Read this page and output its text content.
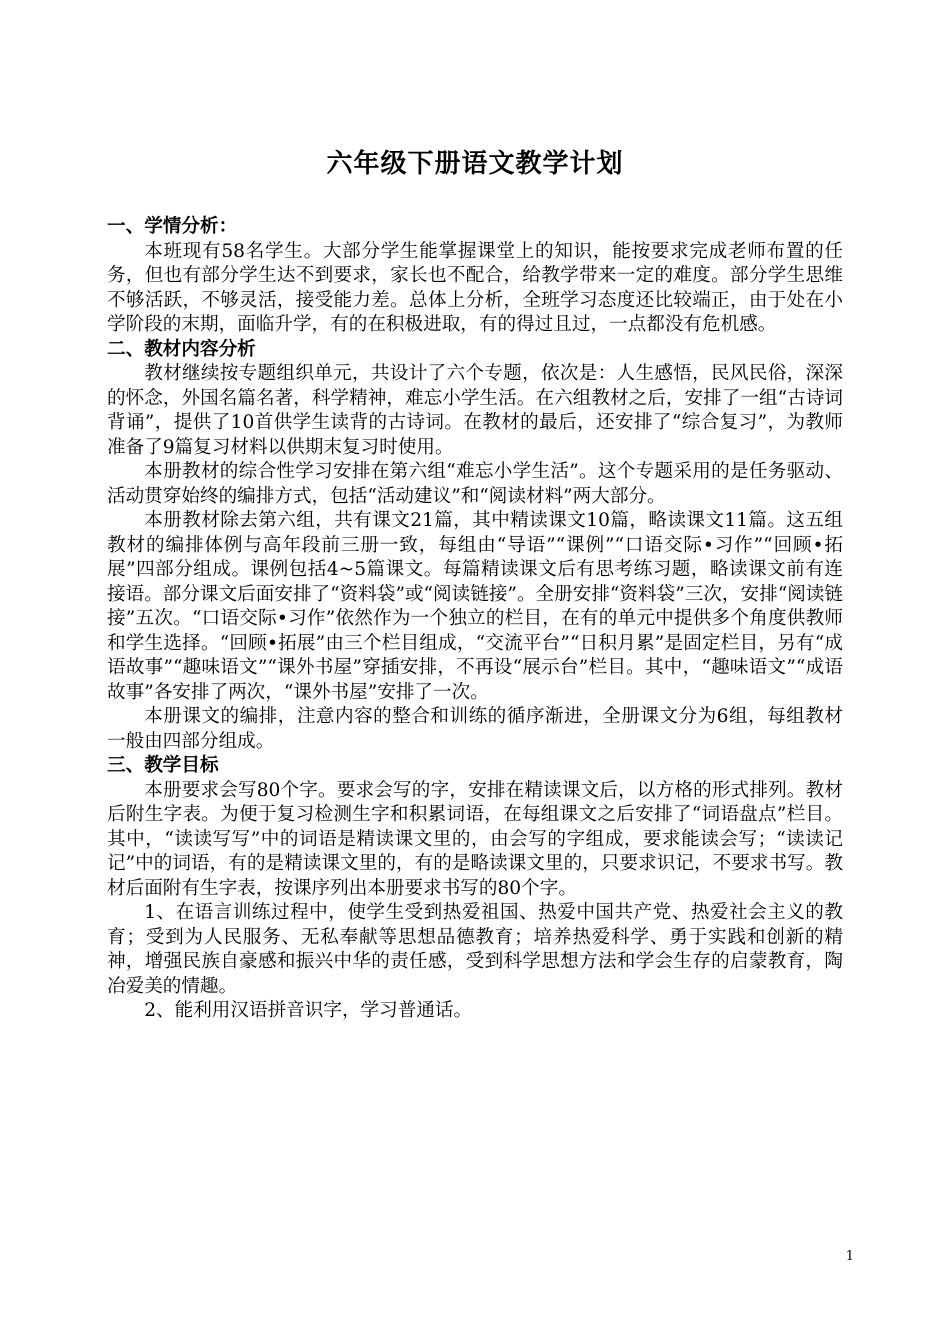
六年级下册语文教学计划

一、学情分析：

本班现有58名学生。大部分学生能掌握课堂上的知识，能按要求完成老师布置的任务，但也有部分学生达不到要求，家长也不配合，给教学带来一定的难度。部分学生思维不够活跃，不够灵活，接受能力差。总体上分析，全班学习态度还比较端正，由于处在小学阶段的末期，面临升学，有的在积极进取，有的得过且过，一点都没有危机感。

二、教材内容分析

教材继续按专题组织单元，共设计了六个专题，依次是：人生感悟，民风民俗，深深的怀念，外国名篇名著，科学精神，难忘小学生活。在六组教材之后，安排了一组“古诗词背诵”，提供了10首供学生读背的古诗词。在教材的最后，还安排了“综合复习”，为教师准备了9篇复习材料以供期末复习时使用。

本册教材的综合性学习安排在第六组“难忘小学生活”。这个专题采用的是任务驱动、活动贯穿始终的编排方式，包括“活动建议”和“阅读材料”两大部分。

本册教材除去第六组，共有课文21篇，其中精读课文10篇，略读课文11篇。这五组教材的编排体例与高年段前三册一致，每组由“导语”“课例”“口语交际•习作”“回顾•拓展”四部分组成。课例包括4~5篇课文。每篇精读课文后有思考练习题，略读课文前有连接语。部分课文后面安排了“资料袋”或“阅读链接”。全册安排“资料袋”三次，安排“阅读链接”五次。“口语交际•习作”依然作为一个独立的栏目，在有的单元中提供多个角度供教师和学生选择。“回顾•拓展”由三个栏目组成，“交流平台”“日积月累”是固定栏目，另有“成语故事”“趣味语文”“课外书屋”穿插安排，不再设“展示台”栏目。其中，“趣味语文”“成语故事”各安排了两次，“课外书屋”安排了一次。

本册课文的编排，注意内容的整合和训练的循序渐进，全册课文分为6组，每组教材一般由四部分组成。

三、教学目标

本册要求会写80个字。要求会写的字，安排在精读课文后，以方格的形式排列。教材后附生字表。为便于复习检测生字和积累词语，在每组课文之后安排了“词语盘点”栏目。其中，“读读写写”中的词语是精读课文里的，由会写的字组成，要求能读会写；“读读记记”中的词语，有的是精读课文里的，有的是略读课文里的，只要求识记，不要求书写。教材后面附有生字表，按课序列出本册要求书写的80个字。

1、在语言训练过程中，使学生受到热爱祖国、热爱中国共产党、热爱社会主义的教育；受到为人民服务、无私奉献等思想品德教育；培养热爱科学、勇于实践和创新的精神，增强民族自豪感和振兴中华的责任感，受到科学思想方法和学会生存的启蒙教育，陶冶爱美的情趣。

2、能利用汉语拼音识字，学习普通话。

1
